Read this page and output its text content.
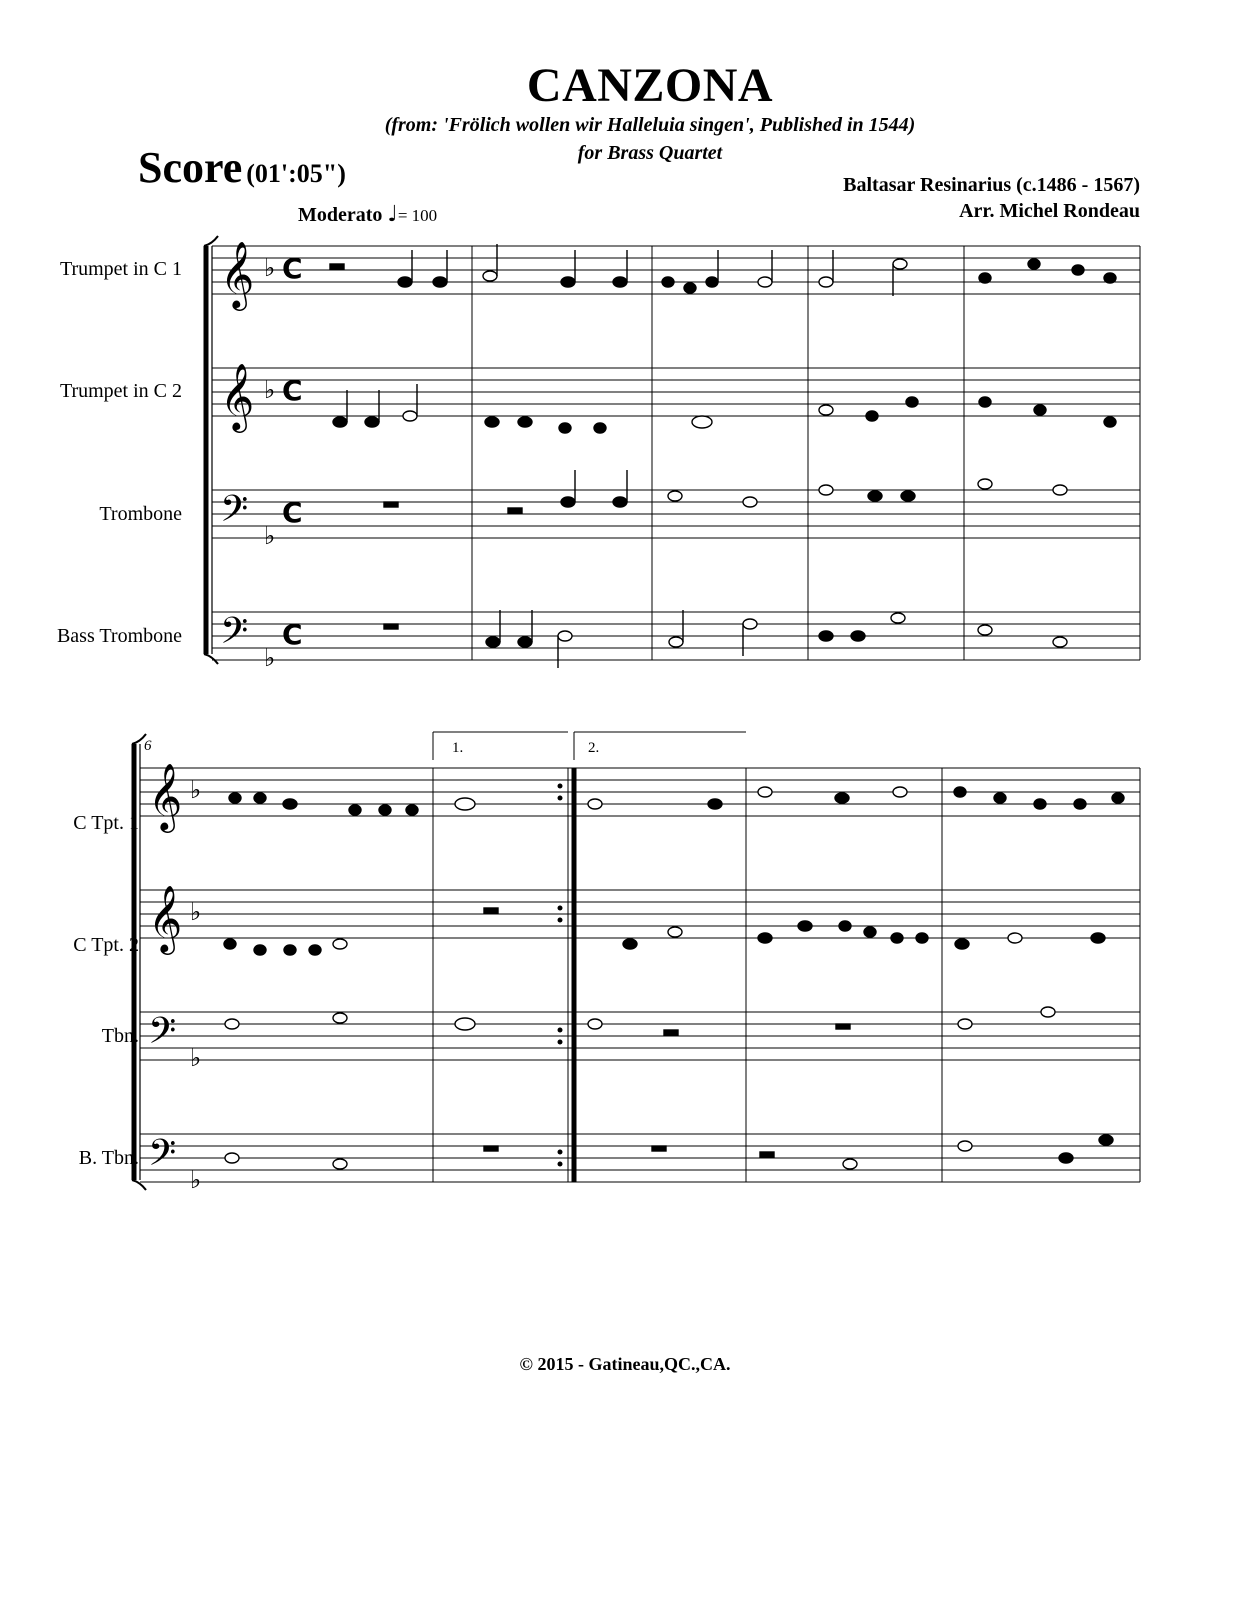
CANZONA
(from: 'Frölich wollen wir Halleluia singen', Published in 1544)
for Brass Quartet
Score (01':05")	Baltasar Resinarius (c.1486 - 1567)
Arr. Michel Rondeau
Moderato ♩= 100
Trumpet in C 1
Trumpet in C 2
Trombone
Bass Trombone
C Tpt. 1
C Tpt. 2
Tbn.
B. Tbn.
𝄞
𝄞
𝄢
𝄢
♭
♭
♭
♭
C
C
C
C
𝄞
𝄞
𝄢
𝄢
♭
♭
♭
♭
6	1.	2.
© 2015 - Gatineau,QC.,CA.
